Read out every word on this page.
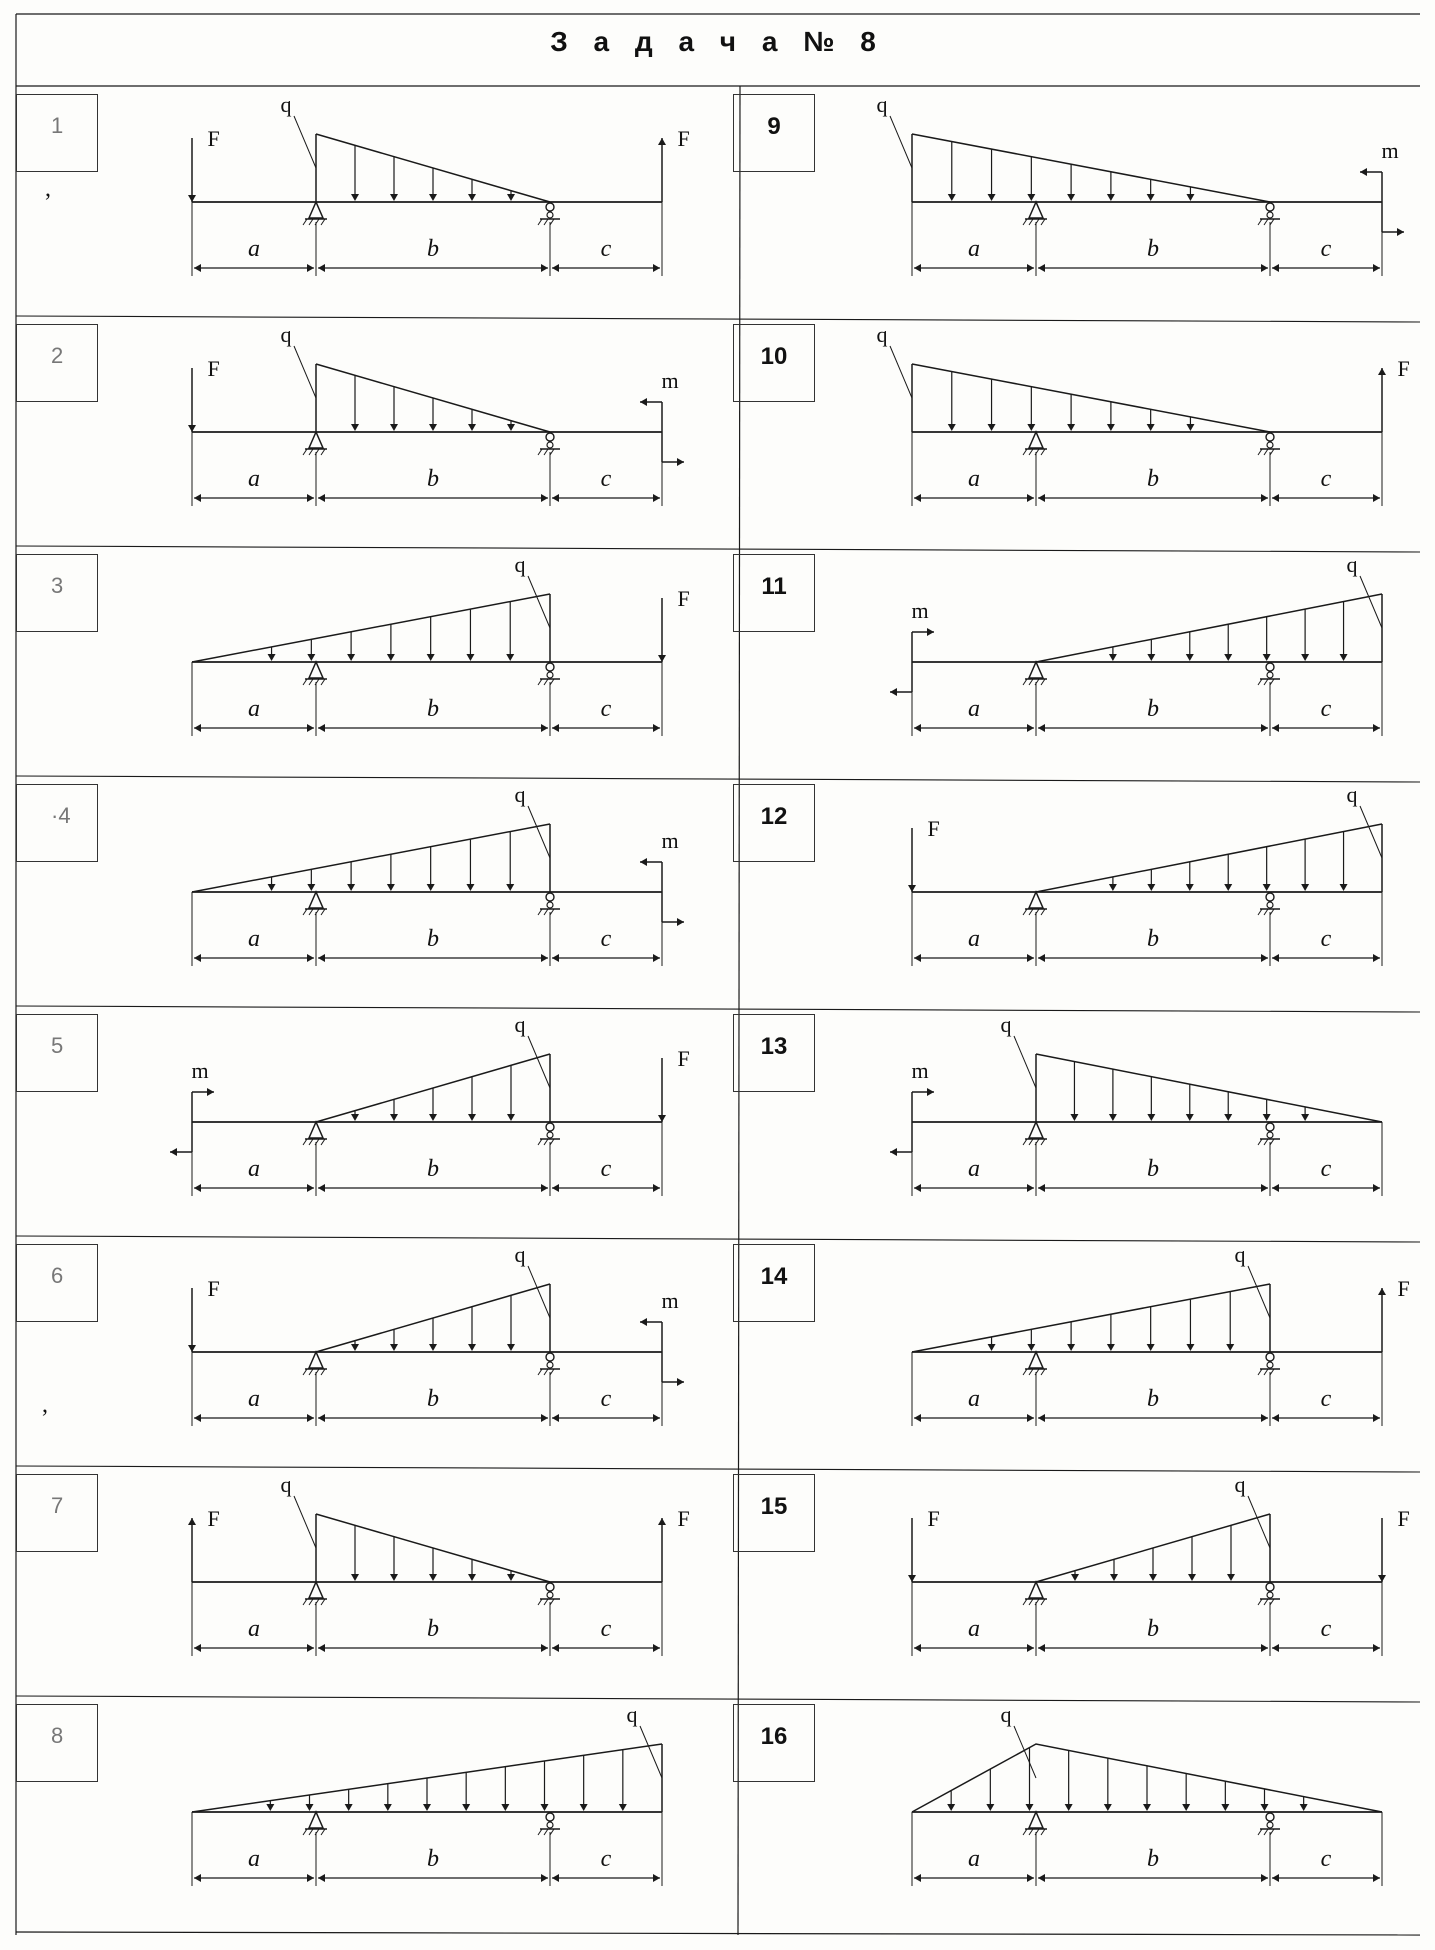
З а д а ч а № 8
,
,
a	b	c
q
F	F
a	b	c
q
F	m
a	b	c
q
F
a	b	c
q
m
a	b	c
q
m	F
a	b	c
q
F	m
a	b	c
q
F	F
a	b	c
q
a	b	c
q
m
a	b	c
q
F
a	b	c
q
m
a	b	c
q
F
a	b	c
q
m
a	b	c
q
F
a	b	c
q
F	F
a	b	c
q
1
2
3
·4
5
6
7
8
9
10
11
12
13
14
15
16
